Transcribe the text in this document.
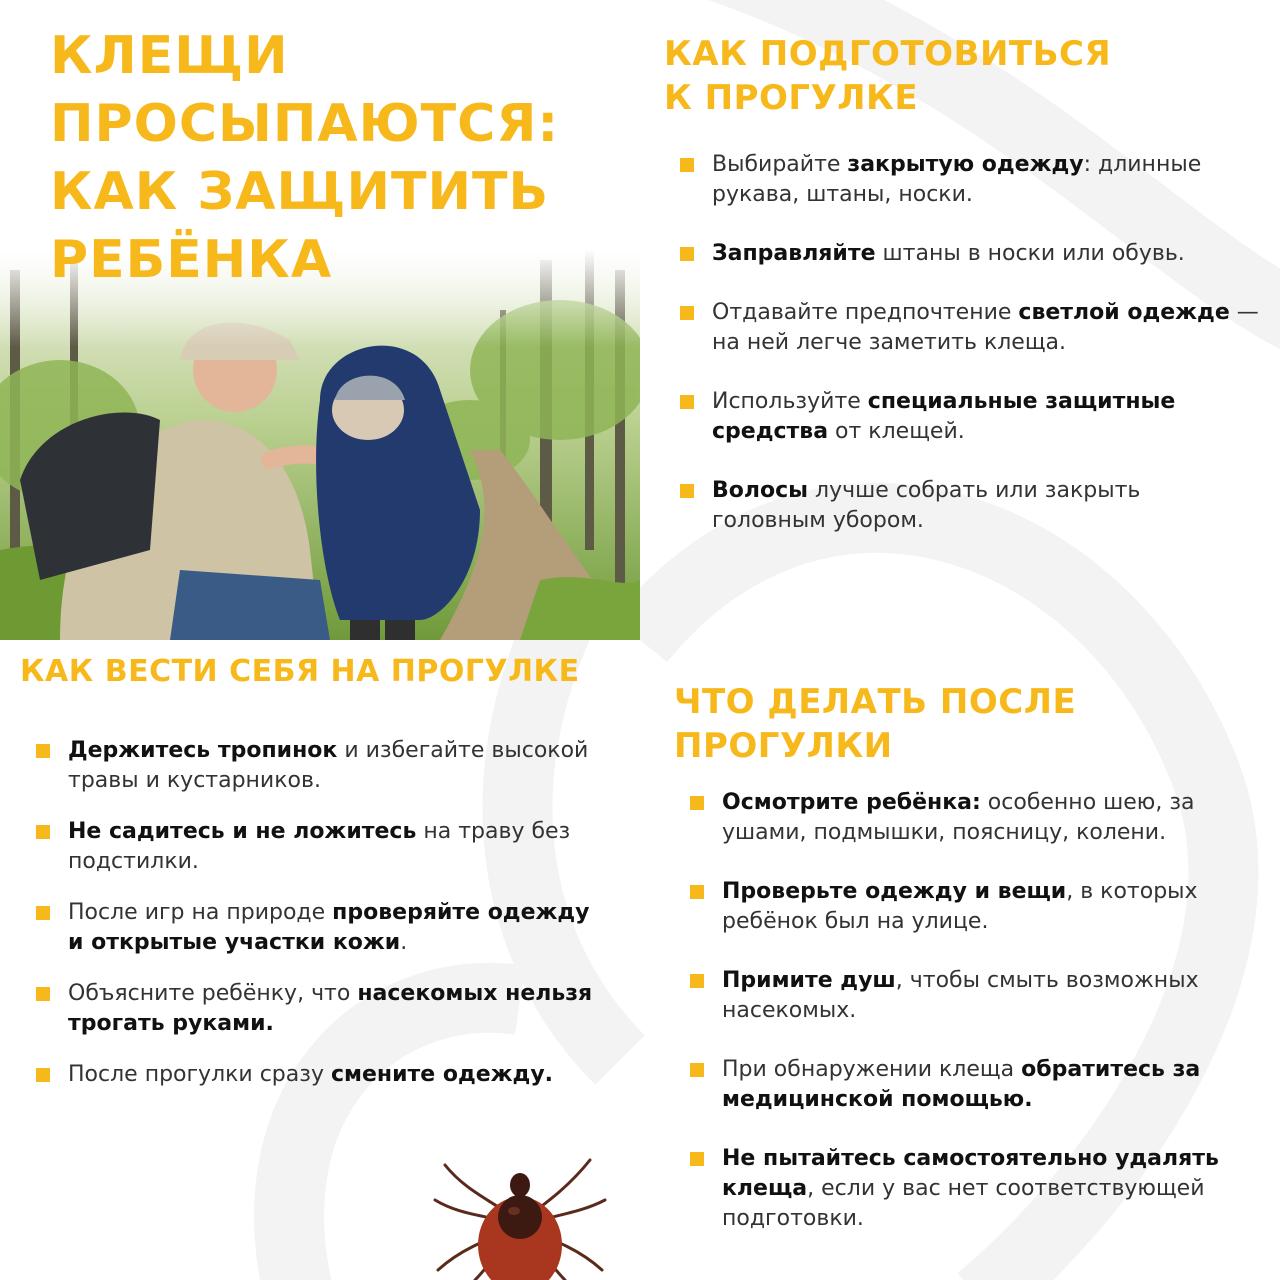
КЛЕЩИ
ПРОСЫПАЮТСЯ:
КАК ЗАЩИТИТЬ
РЕБЁНКА
КАК ПОДГОТОВИТЬСЯ
К ПРОГУЛКЕ
Выбирайте закрытую одежду: длинные рукава, штаны, носки.
Заправляйте штаны в носки или обувь.
Отдавайте предпочтение светлой одежде — на ней легче заметить клеща.
Используйте специальные защитные средства от клещей.
Волосы лучше собрать или закрыть головным убором.
КАК ВЕСТИ СЕБЯ НА ПРОГУЛКЕ
Держитесь тропинок и избегайте высокой травы и кустарников.
Не садитесь и не ложитесь на траву без подстилки.
После игр на природе проверяйте одежду и открытые участки кожи.
Объясните ребёнку, что насекомых нельзя трогать руками.
После прогулки сразу смените одежду.
ЧТО ДЕЛАТЬ ПОСЛЕ
ПРОГУЛКИ
Осмотрите ребёнка: особенно шею, за ушами, подмышки, поясницу, колени.
Проверьте одежду и вещи, в которых ребёнок был на улице.
Примите душ, чтобы смыть возможных насекомых.
При обнаружении клеща обратитесь за медицинской помощью.
Не пытайтесь самостоятельно удалять клеща, если у вас нет соответствующей подготовки.
